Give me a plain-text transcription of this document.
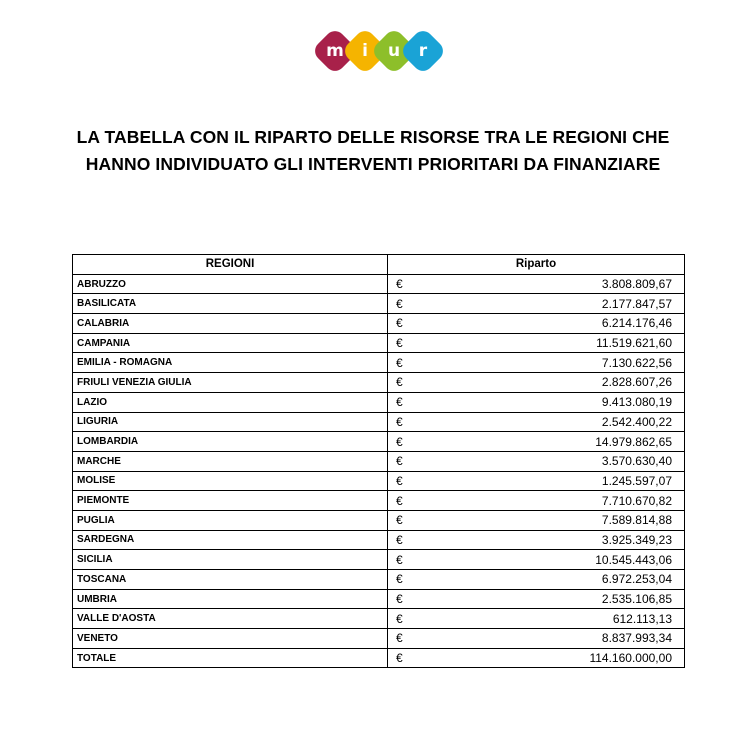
m	i	u	r
LA TABELLA CON IL RIPARTO DELLE RISORSE TRA LE REGIONI CHE
HANNO INDIVIDUATO GLI INTERVENTI PRIORITARI DA FINANZIARE
REGIONI	Riparto
ABRUZZO	€ 3.808.809,67

BASILICATA	€ 2.177.847,57

CALABRIA	€ 6.214.176,46

CAMPANIA	€ 11.519.621,60

EMILIA - ROMAGNA	€ 7.130.622,56

FRIULI VENEZIA GIULIA	€ 2.828.607,26

LAZIO	€ 9.413.080,19

LIGURIA	€ 2.542.400,22

LOMBARDIA	€ 14.979.862,65

MARCHE	€ 3.570.630,40

MOLISE	€ 1.245.597,07

PIEMONTE	€ 7.710.670,82

PUGLIA	€ 7.589.814,88

SARDEGNA	€ 3.925.349,23

SICILIA	€ 10.545.443,06

TOSCANA	€ 6.972.253,04

UMBRIA	€ 2.535.106,85

VALLE D'AOSTA	€ 612.113,13

VENETO	€ 8.837.993,34

TOTALE	€ 114.160.000,00
